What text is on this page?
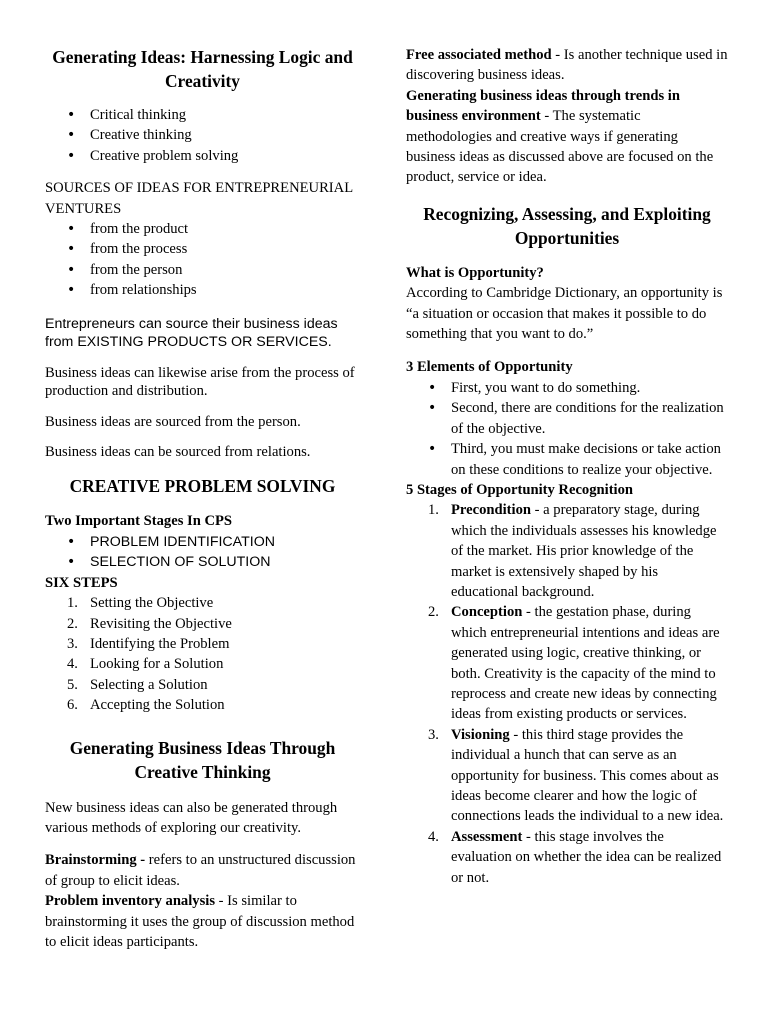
Generating Ideas: Harnessing Logic and Creativity

• Critical thinking
• Creative thinking
• Creative problem solving

SOURCES OF IDEAS FOR ENTREPRENEURIAL VENTURES

• from the product
• from the process
• from the person
• from relationships

Entrepreneurs can source their business ideas from EXISTING PRODUCTS OR SERVICES.

Business ideas can likewise arise from the process of production and distribution.

Business ideas are sourced from the person.

Business ideas can be sourced from relations.

CREATIVE PROBLEM SOLVING

Two Important Stages In CPS

• PROBLEM IDENTIFICATION
• SELECTION OF SOLUTION

SIX STEPS

1. Setting the Objective
2. Revisiting the Objective
3. Identifying the Problem
4. Looking for a Solution
5. Selecting a Solution
6. Accepting the Solution

Generating Business Ideas Through Creative Thinking

New business ideas can also be generated through various methods of exploring our creativity.

Brainstorming - refers to an unstructured discussion of group to elicit ideas.

Problem inventory analysis - Is similar to brainstorming it uses the group of discussion method to elicit ideas participants.

Free associated method - Is another technique used in discovering business ideas.

Generating business ideas through trends in business environment - The systematic methodologies and creative ways if generating business ideas as discussed above are focused on the product, service or idea.

Recognizing, Assessing, and Exploiting Opportunities

What is Opportunity?

According to Cambridge Dictionary, an opportunity is “a situation or occasion that makes it possible to do something that you want to do.”

3 Elements of Opportunity

• First, you want to do something.
• Second, there are conditions for the realization of the objective.
• Third, you must make decisions or take action on these conditions to realize your objective.

5 Stages of Opportunity Recognition

1. Precondition - a preparatory stage, during which the individuals assesses his knowledge of the market. His prior knowledge of the market is extensively shaped by his educational background.
2. Conception - the gestation phase, during which entrepreneurial intentions and ideas are generated using logic, creative thinking, or both. Creativity is the capacity of the mind to reprocess and create new ideas by connecting ideas from existing products or services.
3. Visioning - this third stage provides the individual a hunch that can serve as an opportunity for business. This comes about as ideas become clearer and how the logic of connections leads the individual to a new idea.
4. Assessment - this stage involves the evaluation on whether the idea can be realized or not.
